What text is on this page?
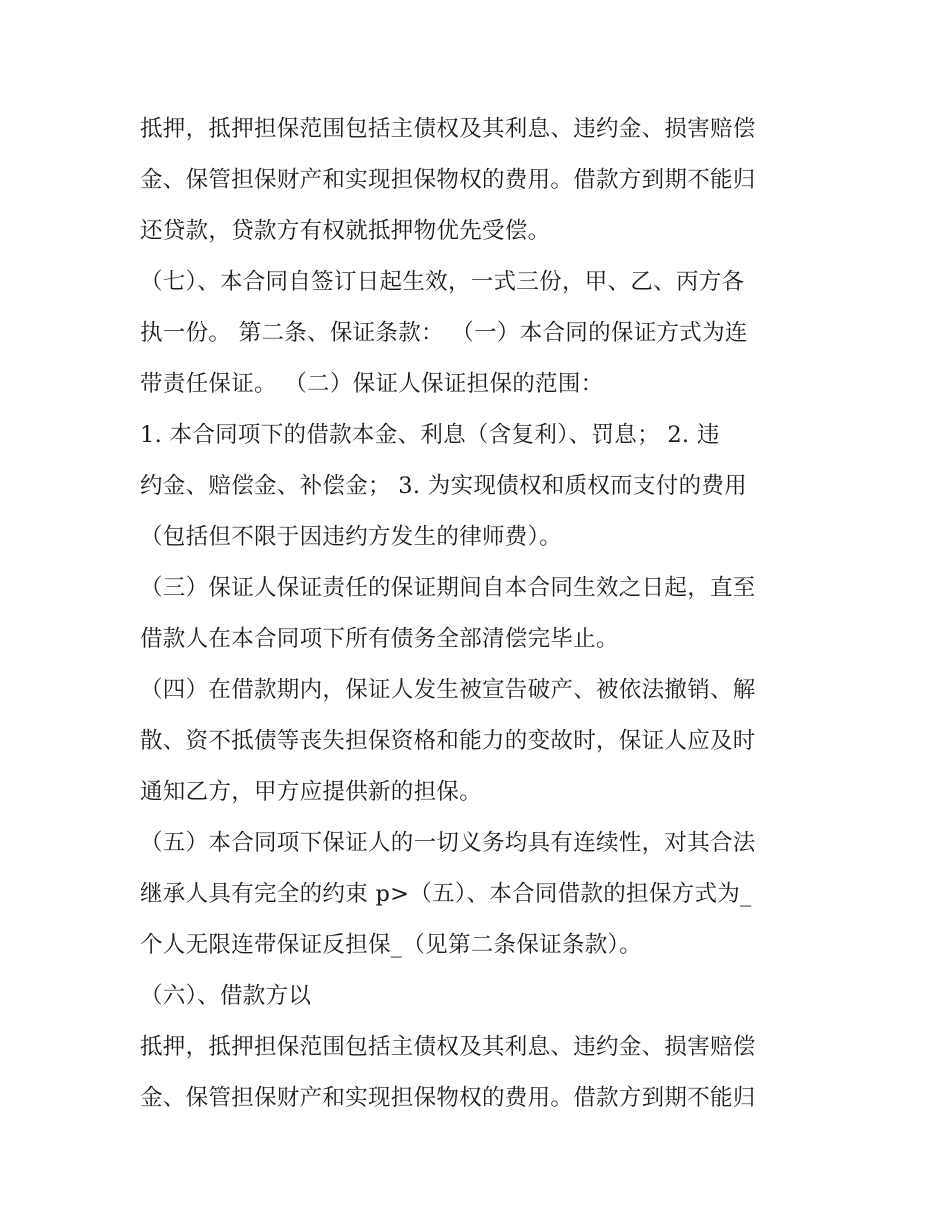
抵押，抵押担保范围包括主债权及其利息、违约金、损害赔偿
金、保管担保财产和实现担保物权的费用。借款方到期不能归
还贷款，贷款方有权就抵押物优先受偿。
（七）、本合同自签订日起生效，一式三份，甲、乙、丙方各
执一份。 第二条、保证条款： （一）本合同的保证方式为连
带责任保证。 （二）保证人保证担保的范围：
1. 本合同项下的借款本金、利息（含复利）、罚息； 2. 违
约金、赔偿金、补偿金； 3. 为实现债权和质权而支付的费用
（包括但不限于因违约方发生的律师费）。
（三）保证人保证责任的保证期间自本合同生效之日起，直至
借款人在本合同项下所有债务全部清偿完毕止。
（四）在借款期内，保证人发生被宣告破产、被依法撤销、解
散、资不抵债等丧失担保资格和能力的变故时，保证人应及时
通知乙方，甲方应提供新的担保。
（五）本合同项下保证人的一切义务均具有连续性，对其合法
继承人具有完全的约束 p>（五）、本合同借款的担保方式为_
个人无限连带保证反担保_（见第二条保证条款）。
（六）、借款方以
抵押，抵押担保范围包括主债权及其利息、违约金、损害赔偿
金、保管担保财产和实现担保物权的费用。借款方到期不能归
